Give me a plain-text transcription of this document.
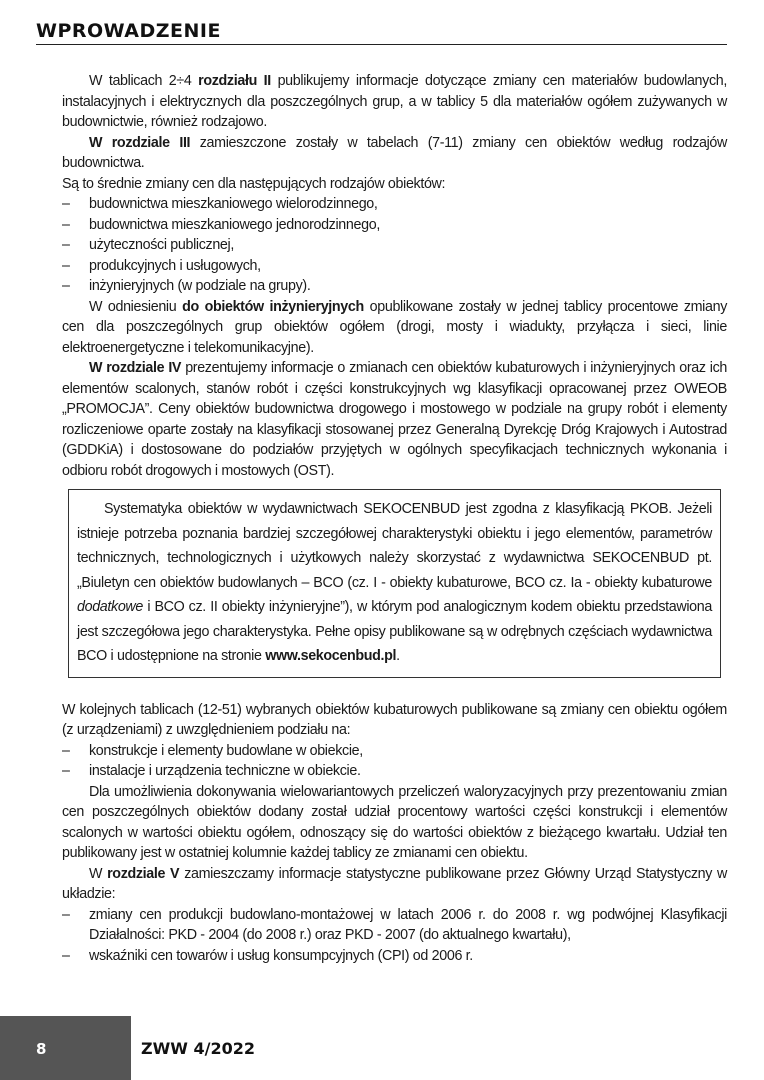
WPROWADZENIE

W tablicach 2÷4 rozdziału II publikujemy informacje dotyczące zmiany cen materiałów budowlanych, instalacyjnych i elektrycznych dla poszczególnych grup, a w tablicy 5 dla materiałów ogółem zużywanych w budownictwie, również rodzajowo.

W rozdziale III zamieszczone zostały w tabelach (7-11) zmiany cen obiektów według rodzajów budownictwa.

Są to średnie zmiany cen dla następujących rodzajów obiektów:

– budownictwa mieszkaniowego wielorodzinnego,
– budownictwa mieszkaniowego jednorodzinnego,
– użyteczności publicznej,
– produkcyjnych i usługowych,
– inżynieryjnych (w podziale na grupy).

W odniesieniu do obiektów inżynieryjnych opublikowane zostały w jednej tablicy procentowe zmiany cen dla poszczególnych grup obiektów ogółem (drogi, mosty i wiadukty, przyłącza i sieci, linie elektroenergetyczne i telekomunikacyjne).

W rozdziale IV prezentujemy informacje o zmianach cen obiektów kubaturowych i inżynieryjnych oraz ich elementów scalonych, stanów robót i części konstrukcyjnych wg klasyfikacji opracowanej przez OWEOB „PROMOCJA”. Ceny obiektów budownictwa drogowego i mostowego w podziale na grupy robót i elementy rozliczeniowe oparte zostały na klasyfikacji stosowanej przez Generalną Dyrekcję Dróg Krajowych i Autostrad (GDDKiA) i dostosowane do podziałów przyjętych w ogólnych specyfikacjach technicznych wykonania i odbioru robót drogowych i mostowych (OST).

Systematyka obiektów w wydawnictwach SEKOCENBUD jest zgodna z klasyfikacją PKOB. Jeżeli istnieje potrzeba poznania bardziej szczegółowej charakterystyki obiektu i jego elementów, parametrów technicznych, technologicznych i użytkowych należy skorzystać z wydawnictwa SEKOCENBUD pt. „Biuletyn cen obiektów budowlanych – BCO (cz. I - obiekty kubaturowe, BCO cz. Ia - obiekty kubaturowe dodatkowe i BCO cz. II obiekty inżynieryjne”), w którym pod analogicznym kodem obiektu przedstawiona jest szczegółowa jego charakterystyka. Pełne opisy publikowane są w odrębnych częściach wydawnictwa BCO i udostępnione na stronie www.sekocenbud.pl.

W kolejnych tablicach (12-51) wybranych obiektów kubaturowych publikowane są zmiany cen obiektu ogółem (z urządzeniami) z uwzględnieniem podziału na:

– konstrukcje i elementy budowlane w obiekcie,
– instalacje i urządzenia techniczne w obiekcie.

Dla umożliwienia dokonywania wielowariantowych przeliczeń waloryzacyjnych przy prezentowaniu zmian cen poszczególnych obiektów dodany został udział procentowy wartości części konstrukcji i elementów scalonych w wartości obiektu ogółem, odnoszący się do wartości obiektów z bieżącego kwartału. Udział ten publikowany jest w ostatniej kolumnie każdej tablicy ze zmianami cen obiektu.

W rozdziale V zamieszczamy informacje statystyczne publikowane przez Główny Urząd Statystyczny w układzie:

– zmiany cen produkcji budowlano-montażowej w latach 2006 r. do 2008 r. wg podwójnej Klasyfikacji Działalności: PKD - 2004 (do 2008 r.) oraz PKD - 2007 (do aktualnego kwartału),
– wskaźniki cen towarów i usług konsumpcyjnych (CPI) od 2006 r.
8	ZWW 4/2022
